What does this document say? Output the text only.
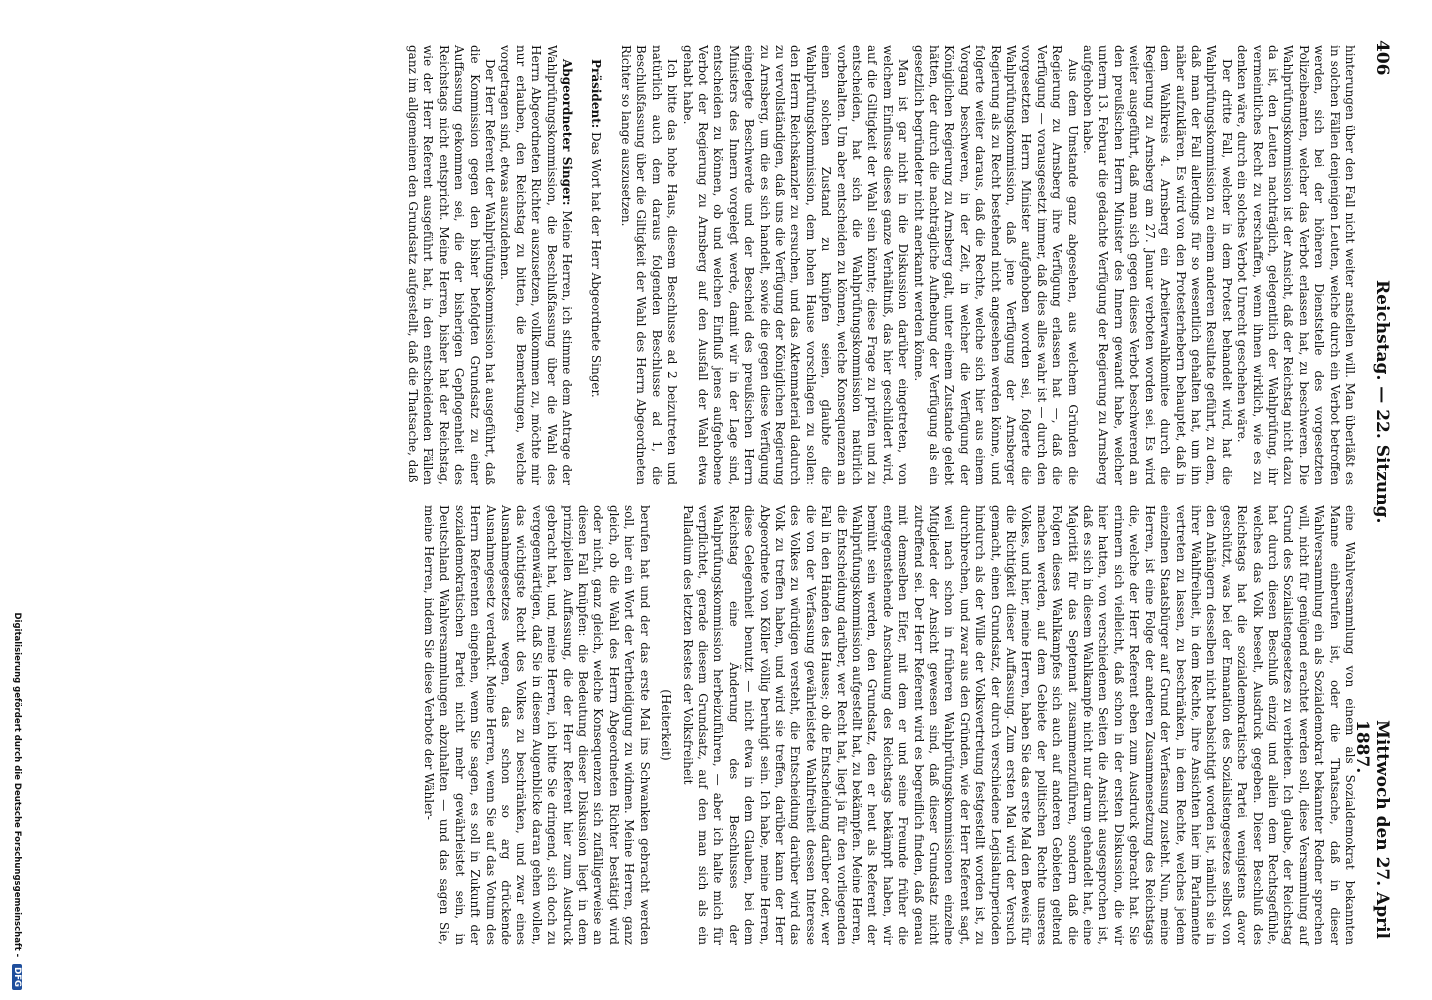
406
Reichstag. — 22. Sitzung.
Mittwoch den 27. April 1887.

hinterungen über den Fall nicht weiter anstellen will. Man überläßt es in solchen Fällen denjenigen Leuten, welche durch ein Verbot betroffen werden, sich bei der höheren Dienststelle des vorgesetzten Polizeibeamten, welcher das Verbot erlassen hat, zu beschweren. Die Wahlprüfungskommission ist der Ansicht, daß der Reichstag nicht dazu da ist, den Leuten nachträglich, gelegentlich der Wahlprüfung, ihr vermeintliches Recht zu verschaffen, wenn ihnen wirklich, wie es zu denken wäre, durch ein solches Verbot Unrecht geschehen wäre.

Der dritte Fall, welcher in dem Protest behandelt wird, hat die Wahlprüfungskommission zu einem anderen Resultate geführt, zu dem, daß man der Fall allerdings für so wesentlich gehalten hat, um ihn näher aufzuklären. Es wird von den Protesterhebern behauptet, daß in dem Wahlkreis 4. Arnsberg ein Arbeiterwahlkomitee durch die Regierung zu Arnsberg am 27. Januar verboten worden sei. Es wird weiter ausgeführt, daß man sich gegen dieses Verbot beschwerend an den preußischen Herrn Minister des Innern gewandt habe, welcher unterm 13. Februar die gedachte Verfügung der Regierung zu Arnsberg aufgehoben habe.

Aus dem Umstande ganz abgesehen, aus welchem Gründen die Regierung zu Arnsberg ihre Verfügung erlassen hat —, daß die Verfügung — vorausgesetzt immer, daß dies alles wahr ist — durch den vorgesetzten Herrn Minister aufgehoben worden sei, folgerte die Wahlprüfungskommission, daß jene Verfügung der Arnsberger Regierung als zu Recht bestehend nicht angesehen werden könne, und folgerte weiter daraus, daß die Rechte, welche sich hier aus einem Vorgang beschweren, in der Zeit, in welcher die Verfügung der Königlichen Regierung zu Arnsberg galt, unter einem Zustande gelebt hätten, der durch die nachträgliche Aufhebung der Verfügung als ein gesetzlich begründeter nicht anerkannt werden könne.

Man ist gar nicht in die Diskussion darüber eingetreten, von welchem Einflusse dieses ganze Verhältniß, das hier geschildert wird, auf die Giltigkeit der Wahl sein könnte; diese Frage zu prüfen und zu entscheiden, hat sich die Wahlprüfungskommission natürlich vorbehalten. Um aber entscheiden zu können, welche Konsequenzen an einen solchen Zustand zu knüpfen seien, glaubte die Wahlprüfungskommission, dem hohen Hause vorschlagen zu sollen: den Herrn Reichskanzler zu ersuchen, und das Aktenmaterial dadurch zu vervollständigen, daß uns die Verfügung der Königlichen Regierung zu Arnsberg, um die es sich handelt, sowie die gegen diese Verfügung eingelegte Beschwerde und der Bescheid des preußischen Herrn Ministers des Innern vorgelegt werde, damit wir in der Lage sind, entscheiden zu können, ob und welchen Einfluß jenes aufgehobene Verbot der Regierung zu Arnsberg auf den Ausfall der Wahl etwa gehabt habe.

Ich bitte das hohe Haus, diesem Beschlusse ad 2 beizutreten und natürlich auch dem daraus folgenden Beschlusse ad 1, die Beschlußfassung über die Giltigkeit der Wahl des Herrn Abgeordneten Richter so lange auszusetzen.

Präsident: Das Wort hat der Herr Abgeordnete Singer.

Abgeordneter Singer: Meine Herren, ich stimme dem Antrage der Wahlprüfungskommission, die Beschlußfassung über die Wahl des Herrn Abgeordneten Richter auszusetzen, vollkommen zu, möchte mir nur erlauben, den Reichstag zu bitten, die Bemerkungen, welche vorgetragen sind, etwas auszudehnen.

Der Herr Referent der Wahlprüfungskommission hat ausgeführt, daß die Kommission gegen den bisher befolgten Grundsatz zu einer Auffassung gekommen sei, die der bisherigen Gepflogenheit des Reichstags nicht entspricht. Meine Herren, bisher hat der Reichstag, wie der Herr Referent ausgeführt hat, in den entscheidenden Fällen ganz im allgemeinen den Grundsatz aufgestellt, daß die Thatsache, daß

eine Wahlversammlung von einem als Sozialdemokrat bekannten Manne einberufen ist, oder die Thatsache, daß in dieser Wahlversammlung ein als Sozialdemokrat bekannter Redner sprechen will, nicht für genügend erachtet werden soll, diese Versammlung auf Grund des Sozialistengesetzes zu verbieten. Ich glaube, der Reichstag hat durch diesen Beschluß einzig und allein dem Rechtsgefühle, welches das Volk beseelt, Ausdruck gegeben. Dieser Beschluß des Reichstags hat die sozialdemokratische Partei wenigstens davor geschützt, was bei der Emanation des Sozialistengesetzes selbst von den Anhängern desselben nicht beabsichtigt worden ist, nämlich sie in ihrer Wahlfreiheit, in dem Rechte, ihre Ansichten hier im Parlamente vertreten zu lassen, zu beschränken, in dem Rechte, welches jedem einzelnen Staatsbürger auf Grund der Verfassung zusteht. Nun, meine Herren, ist eine Folge der anderen Zusammensetzung des Reichstags die, welche der Herr Referent eben zum Ausdruck gebracht hat. Sie erinnern sich vielleicht, daß schon in der ersten Diskussion, die wir hier hatten, von verschiedenen Seiten die Ansicht ausgesprochen ist, daß es sich in diesem Wahlkampfe nicht nur darum gehandelt hat, eine Majorität für das Septennat zusammenzuführen, sondern daß die Folgen dieses Wahlkampfes sich auch auf anderen Gebieten geltend machen werden, auf dem Gebiete der politischen Rechte unseres Volkes, und hier, meine Herren, haben Sie das erste Mal den Beweis für die Richtigkeit dieser Auffassung. Zum ersten Mal wird der Versuch gemacht, einen Grundsatz, der durch verschiedene Legislaturperioden hindurch als der Wille der Volksvertretung festgestellt worden ist, zu durchbrechen, und zwar aus den Gründen, wie der Herr Referent sagt, weil nach schon in früheren Wahlprüfungskommissionen einzelne Mitglieder der Ansicht gewesen sind, daß dieser Grundsatz nicht zutreffend sei. Der Herr Referent wird es begreiflich finden, daß genau mit demselben Eifer, mit dem er und seine Freunde früher die entgegenstehende Anschauung des Reichstags bekämpft haben, wir bemüht sein werden, den Grundsatz, den er heut als Referent der Wahlprüfungskommission aufgestellt hat, zu bekämpfen. Meine Herren, die Entscheidung darüber, wer Recht hat, liegt ja für den vorliegenden Fall in den Händen des Hauses; ob die Entscheidung darüber oder, wer die von der Verfassung gewährleistete Wahlfreiheit dessen Interesse des Volkes zu würdigen versteht, die Entscheidung darüber wird das Volk zu treffen haben, und wird sie treffen, darüber kann der Herr Abgeordnete von Köller völlig beruhigt sein. Ich habe, meine Herren, diese Gelegenheit benutzt — nicht etwa in dem Glauben, bei dem Reichstag eine Änderung des Beschlusses der Wahlprüfungskommission herbeizuführen, — aber ich halte mich für verpflichtet, gerade diesem Grundsatz, auf den man sich als ein Palladium des letzten Restes der Volksfreiheit

(Heiterkeit)

berufen hat und der das erste Mal ins Schwanken gebracht werden soll, hier ein Wort der Vertheidigung zu widmen. Meine Herren, ganz gleich, ob die Wahl des Herrn Abgeordneten Richter bestätigt wird oder nicht, ganz gleich, welche Konsequenzen sich zufälligerweise an diesen Fall knüpfen: die Bedeutung dieser Diskussion liegt in dem prinzipiellen Auffassung, die der Herr Referent hier zum Ausdruck gebracht hat, und, meine Herren, ich bitte Sie dringend, sich doch zu vergegenwärtigen, daß Sie in diesem Augenblicke daran gehen wollen, das wichtigste Recht des Volkes zu beschränken, und zwar eines Ausnahmegesetzes wegen, das schon so arg drückende Ausnahmegesetz verdankt. Meine Herren, wenn Sie auf das Votum des Herrn Referenten eingehen, wenn Sie sagen, es soll in Zukunft der sozialdemokratischen Partei nicht mehr gewährleistet sein, in Deutschland Wahlversammlungen abzuhalten — und das sagen Sie, meine Herren, indem Sie diese Verbote der Wähler-

Digitalisierung gefördert durch die Deutsche Forschungsgemeinschaft - DFG
